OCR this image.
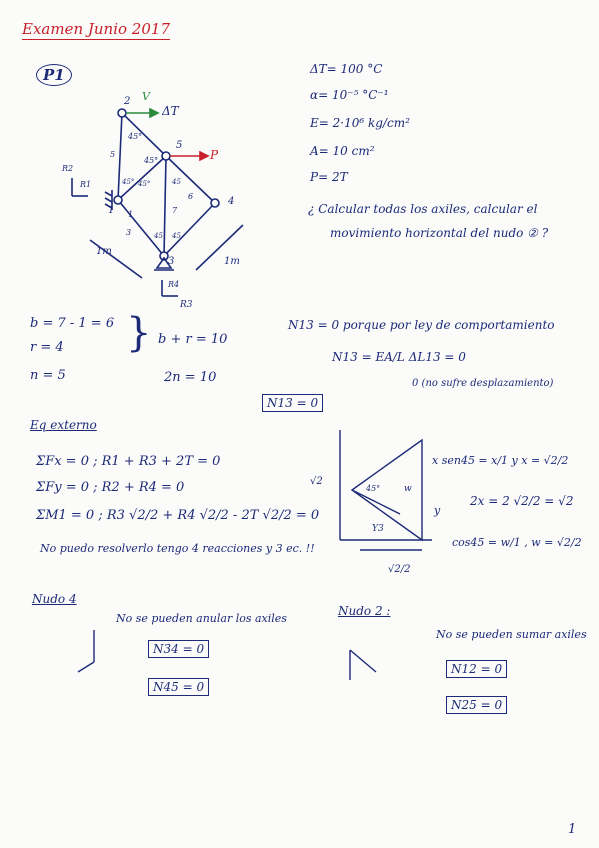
Examen Junio 2017
P1
2
5
1
3
4
V
ΔT
P
R2
R1
R4
R3
45°
45°
45° 45°	45
45 45
5
6
1	7
3
1m
1m
ΔT= 100 °C
α= 10⁻⁵ °C⁻¹
E= 2·10⁶ kg/cm²
A= 10 cm²
P= 2T
¿ Calcular todas los axiles, calcular el
movimiento horizontal del nudo ② ?
b = 7 - 1 = 6
r = 4
n = 5
} b + r = 10
2n = 10
N13 = 0 porque por ley de comportamiento
N13 = EA/L ΔL13 = 0
0 (no sufre desplazamiento)
N13 = 0
Eq externo
ΣFx = 0 ; R1 + R3 + 2T = 0
ΣFy = 0 ; R2 + R4 = 0
ΣM1 = 0 ; R3 √2/2 + R4 √2/2 - 2T √2/2 = 0
No puedo resolverlo tengo 4 reacciones y 3 ec. !!
√2
√2/2
45°	w
Y3
x sen45 = x/1 y x = √2/2
y
2x = 2 √2/2 = √2
cos45 = w/1 , w = √2/2
Nudo 4
No se pueden anular los axiles
N34 = 0
N45 = 0
Nudo 2 :
No se pueden sumar axiles
N12 = 0
N25 = 0
1
